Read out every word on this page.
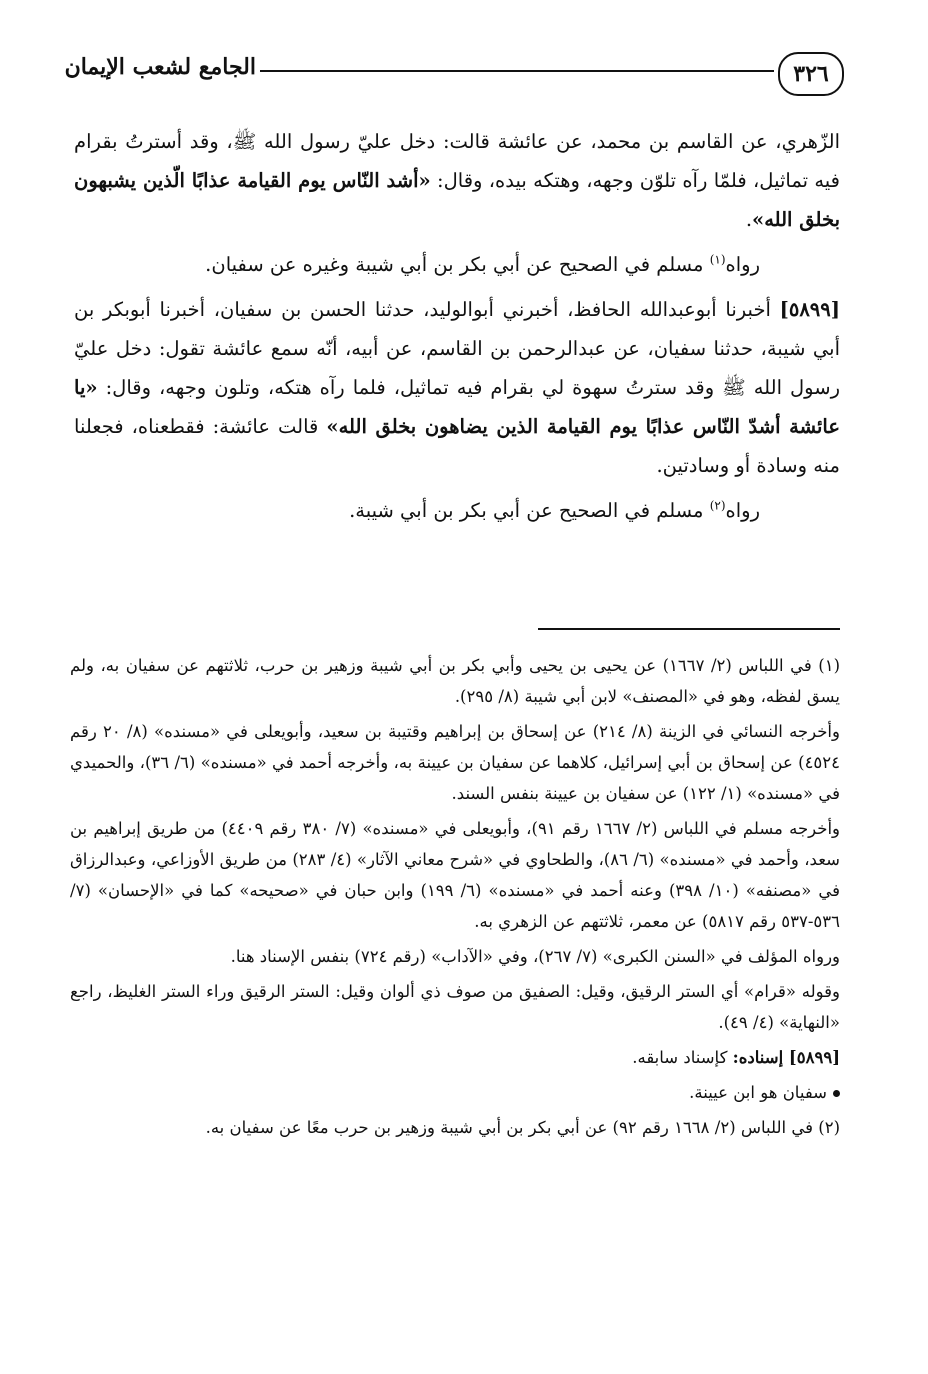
الجامع لشعب الإيمان	٣٢٦

الزّهري، عن القاسم بن محمد، عن عائشة قالت: دخل عليّ رسول الله ﷺ، وقد أسترتُ بقرام فيه تماثيل، فلمّا رآه تلوّن وجهه، وهتكه بيده، وقال: «أشد النّاس يوم القيامة عذابًا الّذين يشبهون بخلق الله».

رواه$^{(١)}$ مسلم في الصحيح عن أبي بكر بن أبي شيبة وغيره عن سفيان.

[٥٨٩٩] أخبرنا أبوعبدالله الحافظ، أخبرني أبوالوليد، حدثنا الحسن بن سفيان، أخبرنا أبوبكر بن أبي شيبة، حدثنا سفيان، عن عبدالرحمن بن القاسم، عن أبيه، أنّه سمع عائشة تقول: دخل عليّ رسول الله ﷺ وقد سترتُ سهوة لي بقرام فيه تماثيل، فلما رآه هتكه، وتلون وجهه، وقال: «يا عائشة أشدّ النّاس عذابًا يوم القيامة الذين يضاهون بخلق الله» قالت عائشة: فقطعناه، فجعلنا منه وسادة أو وسادتين.

رواه$^{(٢)}$ مسلم في الصحيح عن أبي بكر بن أبي شيبة.

(١) في اللباس (٢/ ١٦٦٧) عن يحيى بن يحيى وأبي بكر بن أبي شيبة وزهير بن حرب، ثلاثتهم عن سفيان به، ولم يسق لفظه، وهو في «المصنف» لابن أبي شيبة (٨/ ٢٩٥).

وأخرجه النسائي في الزينة (٨/ ٢١٤) عن إسحاق بن إبراهيم وقتيبة بن سعيد، وأبويعلى في «مسنده» (٨/ ٢٠ رقم ٤٥٢٤) عن إسحاق بن أبي إسرائيل، كلاهما عن سفيان بن عيينة به، وأخرجه أحمد في «مسنده» (٦/ ٣٦)، والحميدي في «مسنده» (١/ ١٢٢) عن سفيان بن عيينة بنفس السند.

وأخرجه مسلم في اللباس (٢/ ١٦٦٧ رقم ٩١)، وأبويعلى في «مسنده» (٧/ ٣٨٠ رقم ٤٤٠٩) من طريق إبراهيم بن سعد، وأحمد في «مسنده» (٦/ ٨٦)، والطحاوي في «شرح معاني الآثار» (٤/ ٢٨٣) من طريق الأوزاعي، وعبدالرزاق في «مصنفه» (١٠/ ٣٩٨) وعنه أحمد في «مسنده» (٦/ ١٩٩) وابن حبان في «صحيحه» كما في «الإحسان» (٧/ ٥٣٦-٥٣٧ رقم ٥٨١٧) عن معمر، ثلاثتهم عن الزهري به.

ورواه المؤلف في «السنن الكبرى» (٧/ ٢٦٧)، وفي «الآداب» (رقم ٧٢٤) بنفس الإسناد هنا.

وقوله «قرام» أي الستر الرقيق، وقيل: الصفيق من صوف ذي ألوان وقيل: الستر الرقيق وراء الستر الغليظ، راجع «النهاية» (٤/ ٤٩).

[٥٨٩٩] إسناده: كإسناد سابقه.

سفيان هو ابن عيينة.

(٢) في اللباس (٢/ ١٦٦٨ رقم ٩٢) عن أبي بكر بن أبي شيبة وزهير بن حرب معًا عن سفيان به.
